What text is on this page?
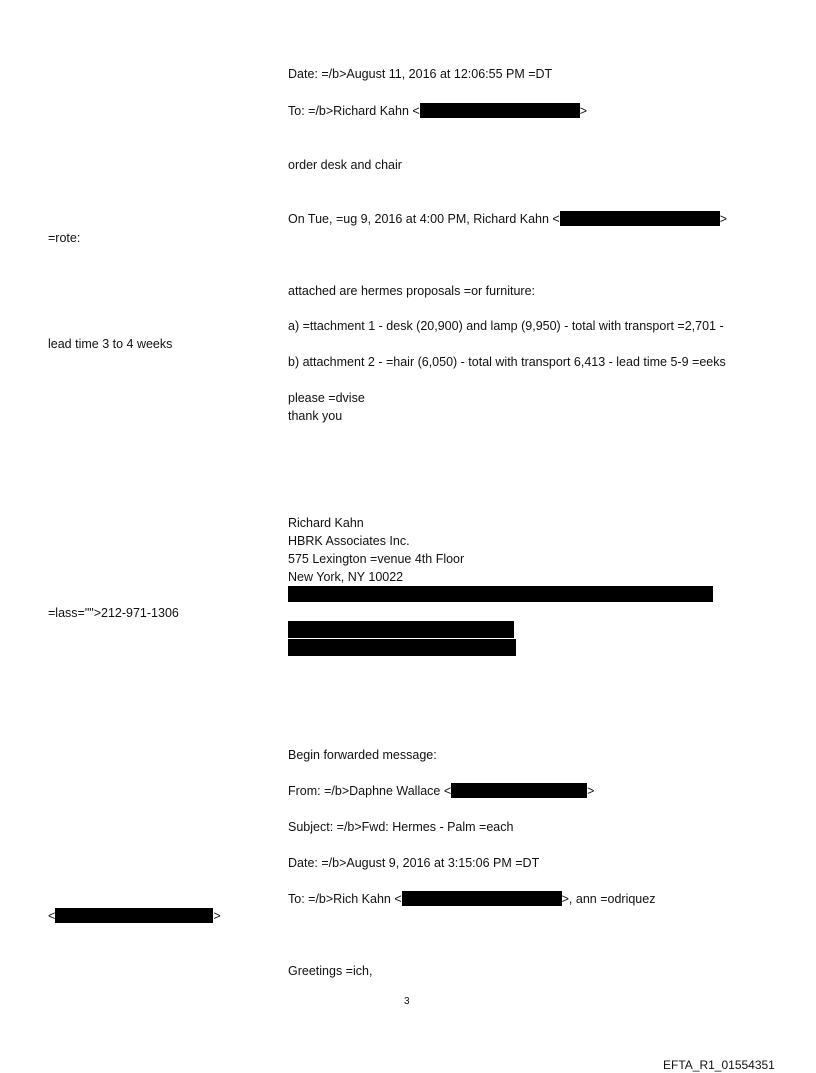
Date: =/b>August 11, 2016 at 12:06:55 PM =DT
To: =/b>Richard Kahn <	>
order desk and chair
On Tue, =ug 9, 2016 at 4:00 PM, Richard Kahn <	>
=rote:
attached are hermes proposals =or furniture:
a) =ttachment 1 - desk (20,900) and lamp (9,950) - total with transport =2,701 -
lead time 3 to 4 weeks
b) attachment 2 - =hair (6,050) - total with transport 6,413 - lead time 5-9 =eeks
please =dvise
thank you
Richard Kahn
HBRK Associates Inc.
575 Lexington =venue 4th Floor
New York, NY 10022
=lass="">212-971-1306
Begin forwarded message:
From: =/b>Daphne Wallace <	>
Subject: =/b>Fwd: Hermes - Palm =each
Date: =/b>August 9, 2016 at 3:15:06 PM =DT
To: =/b>Rich Kahn <	>, ann =odriquez
<	>
Greetings =ich,
3
EFTA_R1_01554351
